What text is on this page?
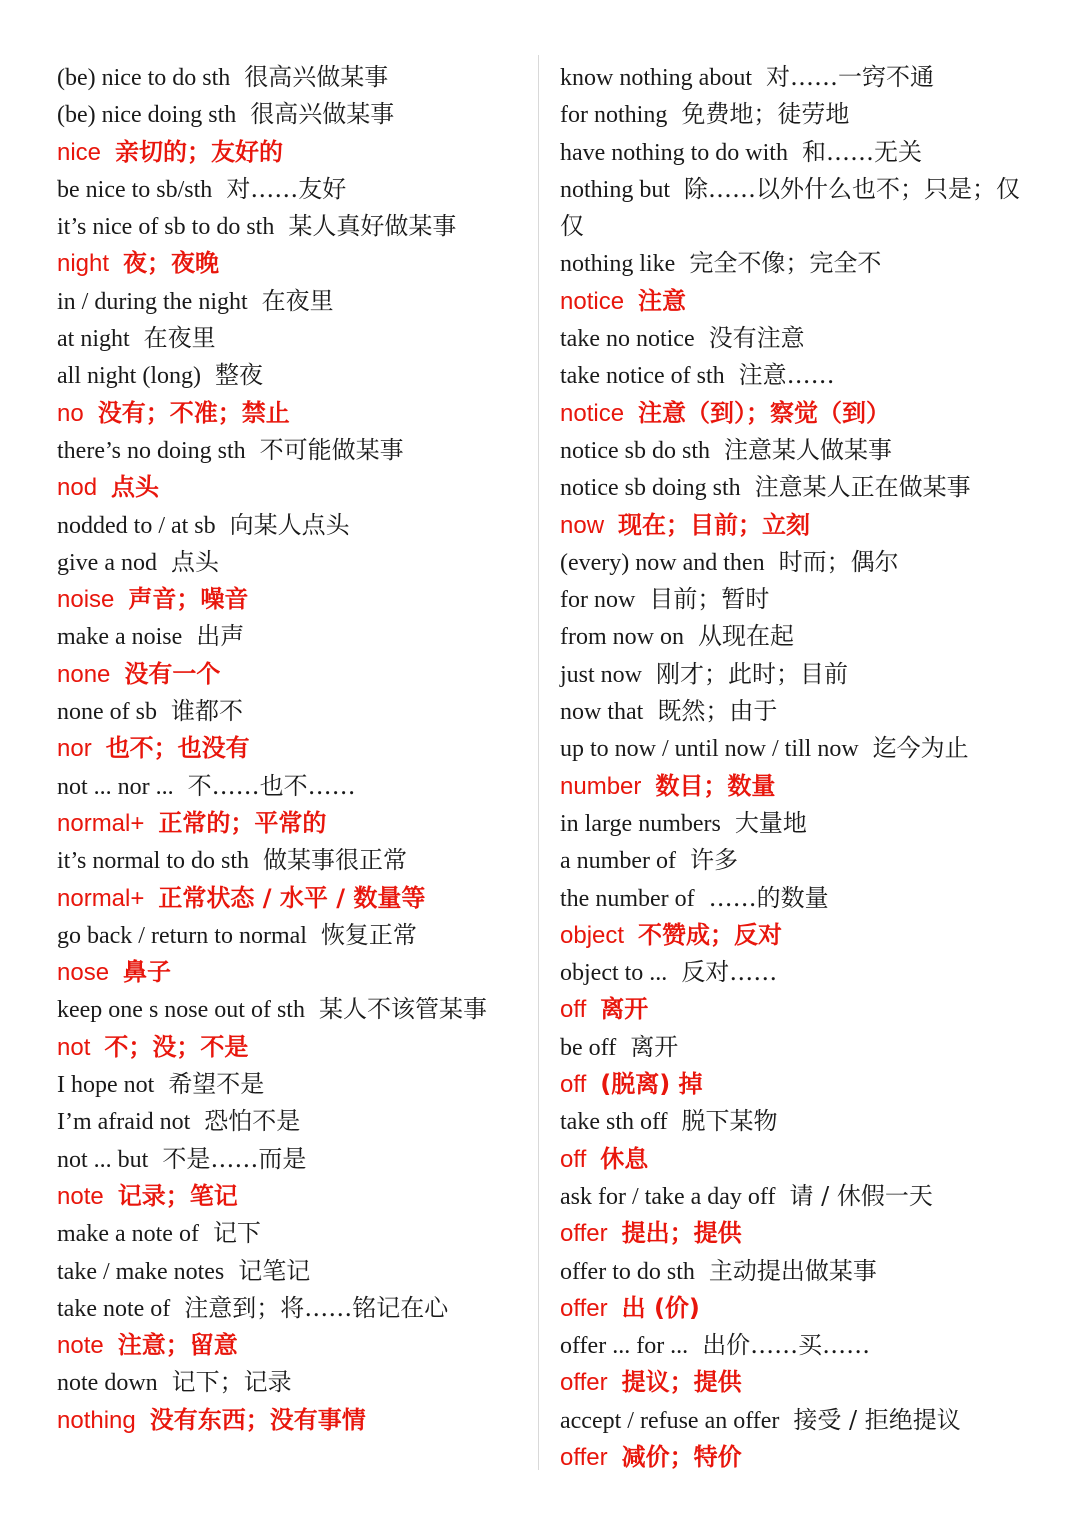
(be) nice to do sth 很高兴做某事
(be) nice doing sth 很高兴做某事
nice 亲切的；友好的
be nice to sb/sth 对……友好
it’s nice of sb to do sth 某人真好做某事
night 夜；夜晚
in / during the night 在夜里
at night 在夜里
all night (long) 整夜
no 没有；不准；禁止
there’s no doing sth 不可能做某事
nod 点头
nodded to / at sb 向某人点头
give a nod 点头
noise 声音；噪音
make a noise 出声
none 没有一个
none of sb 谁都不
nor 也不；也没有
not ... nor ... 不……也不……
normal+ 正常的；平常的
it’s normal to do sth 做某事很正常
normal+ 正常状态 / 水平 / 数量等
go back / return to normal 恢复正常
nose 鼻子
keep one s nose out of sth 某人不该管某事
not 不；没；不是
I hope not 希望不是
I’m afraid not 恐怕不是
not ... but 不是……而是
note 记录；笔记
make a note of 记下
take / make notes 记笔记
take note of 注意到；将……铭记在心
note 注意；留意
note down 记下；记录
nothing 没有东西；没有事情
know nothing about 对……一窍不通
for nothing 免费地；徒劳地
have nothing to do with 和……无关
nothing but 除……以外什么也不；只是；仅仅
nothing like 完全不像；完全不
notice 注意
take no notice 没有注意
take notice of sth 注意……
notice 注意（到）；察觉（到）
notice sb do sth 注意某人做某事
notice sb doing sth 注意某人正在做某事
now 现在；目前；立刻
(every) now and then 时而；偶尔
for now 目前；暂时
from now on 从现在起
just now 刚才；此时；目前
now that 既然；由于
up to now / until now / till now 迄今为止
number 数目；数量
in large numbers 大量地
a number of 许多
the number of ……的数量
object 不赞成；反对
object to ... 反对……
off 离开
be off 离开
off (脱离) 掉
take sth off 脱下某物
off 休息
ask for / take a day off 请 / 休假一天
offer 提出；提供
offer to do sth 主动提出做某事
offer 出 (价)
offer ... for ... 出价……买……
offer 提议；提供
accept / refuse an offer 接受 / 拒绝提议
offer 减价；特价
